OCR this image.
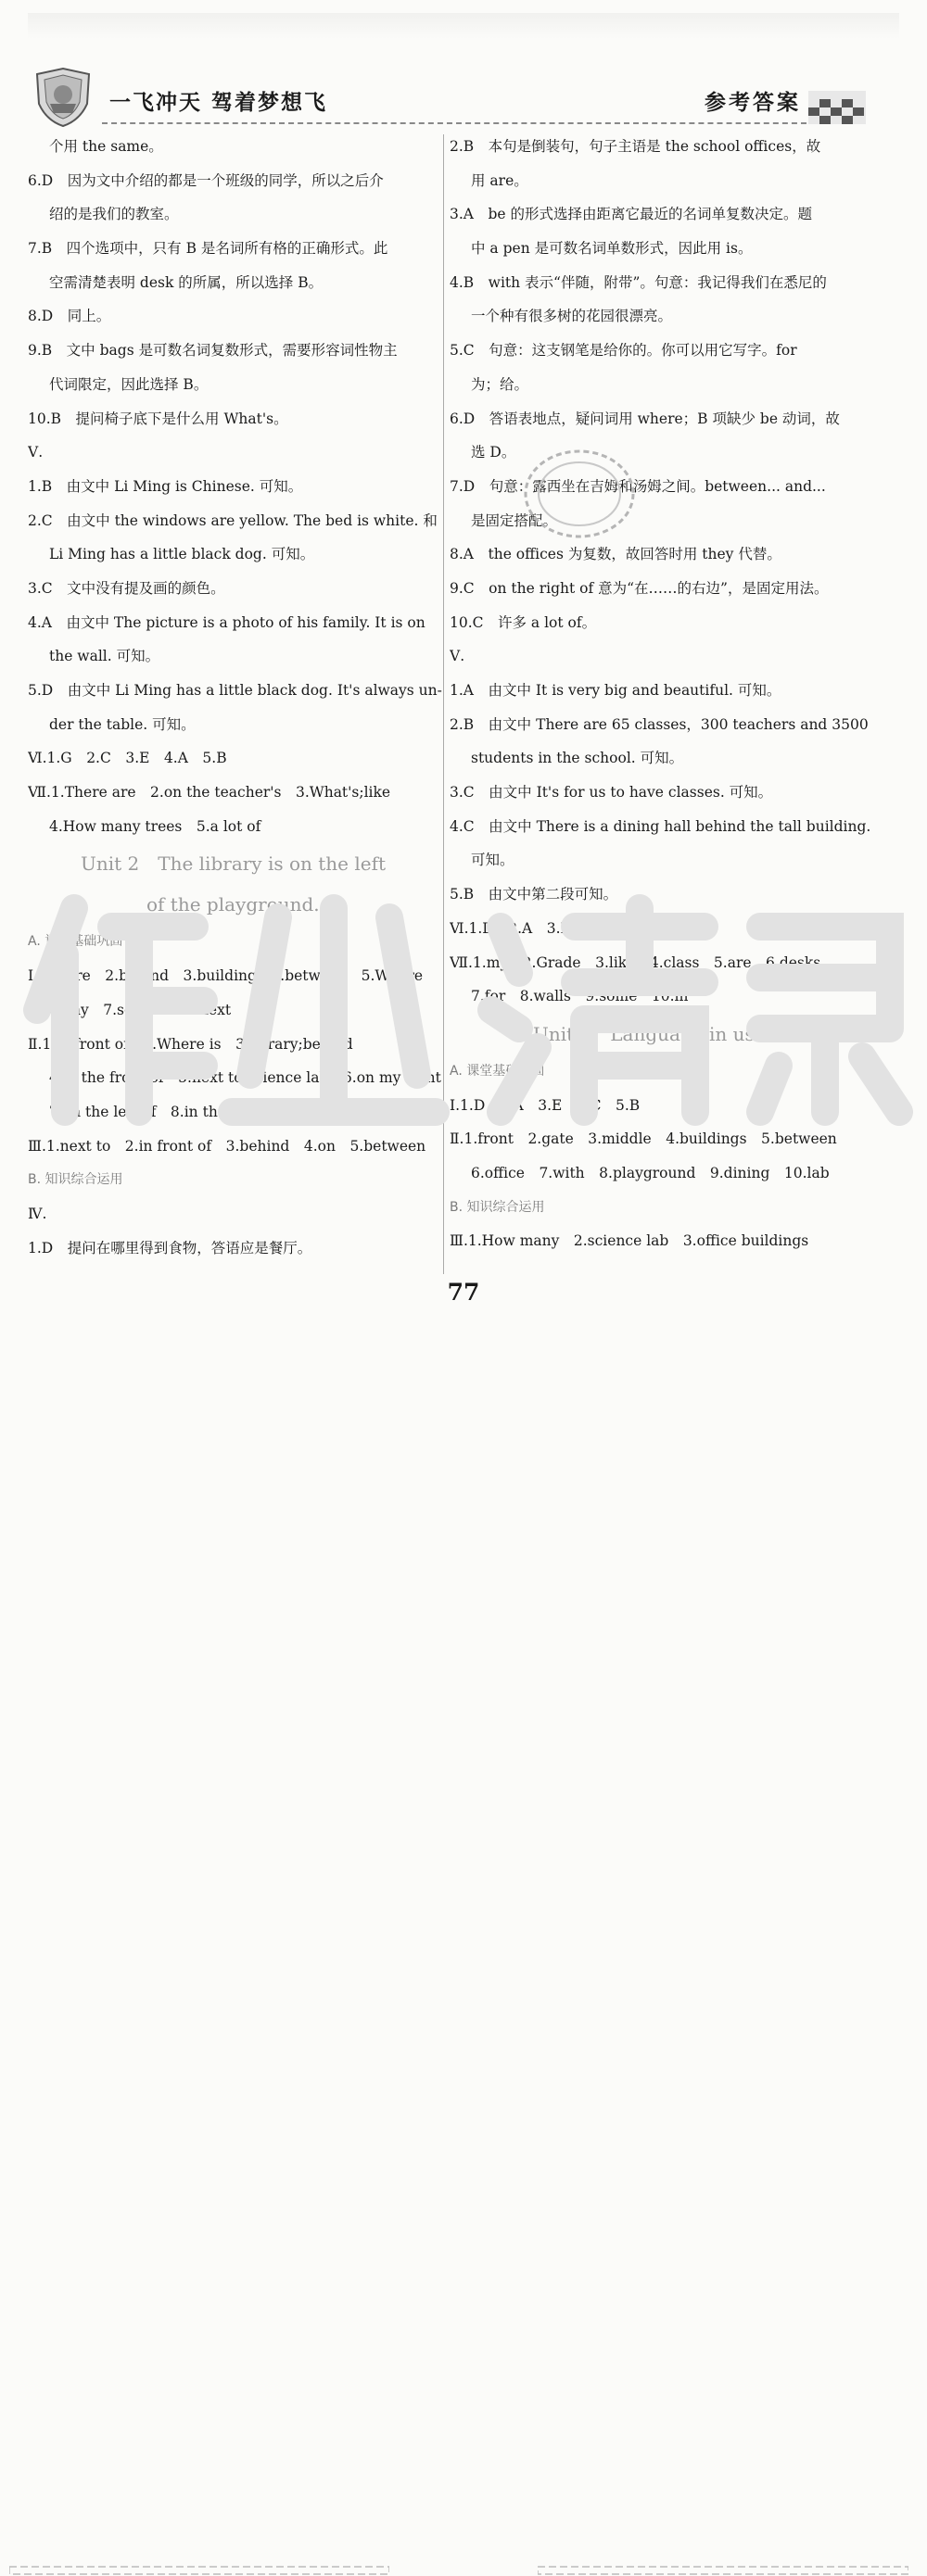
一飞冲天 驾着梦想飞	参考答案
个用 the same。
6.D　因为文中介绍的都是一个班级的同学，所以之后介
绍的是我们的教室。
7.B　四个选项中，只有 B 是名词所有格的正确形式。此
空需清楚表明 desk 的所属，所以选择 B。
8.D　同上。
9.B　文中 bags 是可数名词复数形式，需要形容词性物主
代词限定，因此选择 B。
10.B　提问椅子底下是什么用 What's。
Ⅴ.
1.B　由文中 Li Ming is Chinese. 可知。
2.C　由文中 the windows are yellow. The bed is white. 和
Li Ming has a little black dog. 可知。
3.C　文中没有提及画的颜色。
4.A　由文中 The picture is a photo of his family. It is on
the wall. 可知。
5.D　由文中 Li Ming has a little black dog. It's always un-
der the table. 可知。
Ⅵ.1.G　2.C　3.E　4.A　5.B
Ⅶ.1.There are　2.on the teacher's　3.What's;like
4.How many trees　5.a lot of
Unit 2　The library is on the left
of the playground.
A. 课堂基础巩固
Ⅰ.1.there　2.behind　3.building　4.between　5.Where
6.any　7.science　8.next
Ⅱ.1.in front of　2.Where is　3.library;behind
4.in the front of　5.next to;science lab　6.on my right
7.on the left of　8.in the middle
Ⅲ.1.next to　2.in front of　3.behind　4.on　5.between
B. 知识综合运用
Ⅳ.
1.D　提问在哪里得到食物，答语应是餐厅。
2.B　本句是倒装句，句子主语是 the school offices，故
用 are。
3.A　be 的形式选择由距离它最近的名词单复数决定。题
中 a pen 是可数名词单数形式，因此用 is。
4.B　with 表示“伴随，附带”。句意：我记得我们在悉尼的
一个种有很多树的花园很漂亮。
5.C　句意：这支钢笔是给你的。你可以用它写字。for
为；给。
6.D　答语表地点，疑问词用 where；B 项缺少 be 动词，故
选 D。
7.D　句意：露西坐在吉姆和汤姆之间。between... and...
是固定搭配。
8.A　the offices 为复数，故回答时用 they 代替。
9.C　on the right of 意为“在……的右边”，是固定用法。
10.C　许多 a lot of。
Ⅴ.
1.A　由文中 It is very big and beautiful. 可知。
2.B　由文中 There are 65 classes，300 teachers and 3500
students in the school. 可知。
3.C　由文中 It's for us to have classes. 可知。
4.C　由文中 There is a dining hall behind the tall building.
可知。
5.B　由文中第二段可知。
Ⅵ.1.D　2.A　3.F　4.B　5.E
Ⅶ.1.my　2.Grade　3.like　4.class　5.are　6.desks
7.for　8.walls　9.some　10.in
Unit 3　Language in use
A. 课堂基础巩固
Ⅰ.1.D　2.A　3.E　4.C　5.B
Ⅱ.1.front　2.gate　3.middle　4.buildings　5.between
6.office　7.with　8.playground　9.dining　10.lab
B. 知识综合运用
Ⅲ.1.How many　2.science lab　3.office buildings
77
